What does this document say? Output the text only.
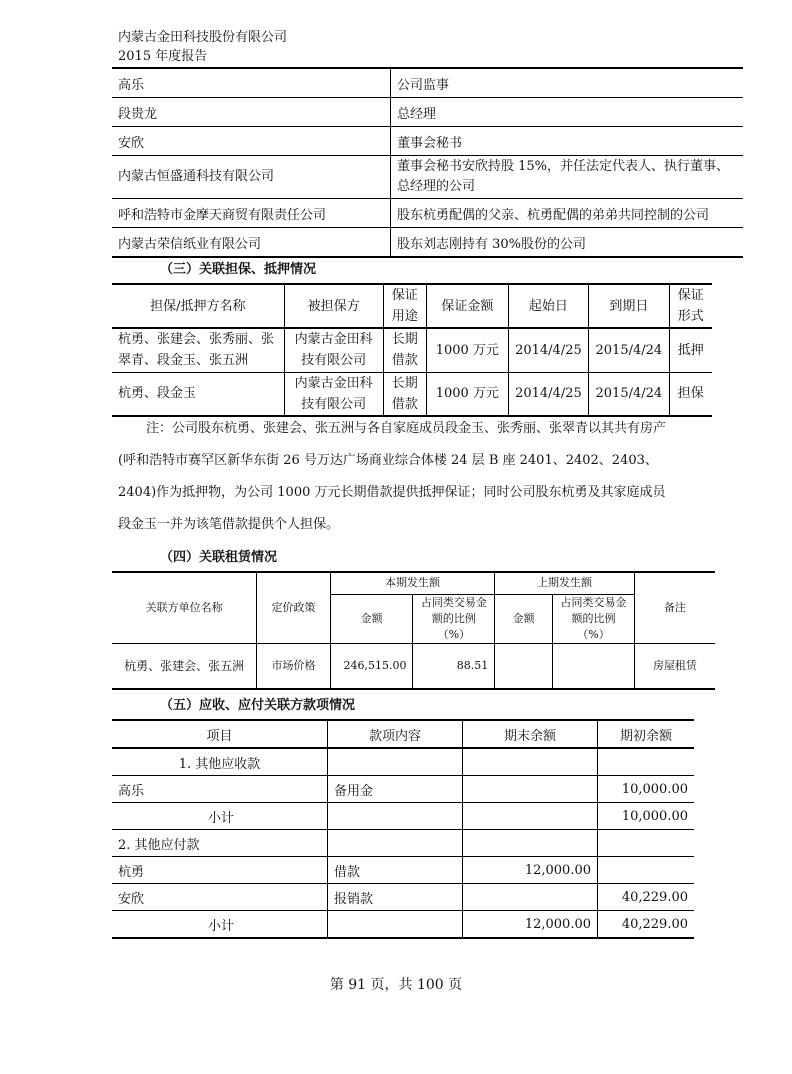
内蒙古金田科技股份有限公司
2015 年度报告
高乐	公司监事
段贵龙	总经理
安欣	董事会秘书
内蒙古恒盛通科技有限公司	董事会秘书安欣持股 15%，并任法定代表人、执行董事、总经理的公司
呼和浩特市金摩天商贸有限责任公司	股东杭勇配偶的父亲、杭勇配偶的弟弟共同控制的公司
内蒙古荣信纸业有限公司	股东刘志刚持有 30%股份的公司
（三）关联担保、抵押情况
担保/抵押方名称	被担保方	保证用途	保证金额	起始日	到期日	保证形式
杭勇、张建会、张秀丽、张翠青、段金玉、张五洲	内蒙古金田科技有限公司	长期借款	1000 万元	2014/4/25	2015/4/24	抵押
杭勇、段金玉	内蒙古金田科技有限公司	长期借款	1000 万元	2014/4/25	2015/4/24	担保
注：公司股东杭勇、张建会、张五洲与各自家庭成员段金玉、张秀丽、张翠青以其共有房产(呼和浩特市赛罕区新华东街 26 号万达广场商业综合体楼 24 层 B 座 2401、2402、2403、2404)作为抵押物，为公司 1000 万元长期借款提供抵押保证；同时公司股东杭勇及其家庭成员段金玉一并为该笔借款提供个人担保。
（四）关联租赁情况
关联方单位名称	定价政策	本期发生额		上期发生额		备注
		金额	占同类交易金额的比例（%）	金额	占同类交易金额的比例（%）	
杭勇、张建会、张五洲	市场价格	246,515.00	88.51			房屋租赁
（五）应收、应付关联方款项情况
项目	款项内容	期末余额	期初余额
1. 其他应收款			
高乐	备用金		10,000.00
小计			10,000.00
2. 其他应付款			
杭勇	借款	12,000.00	
安欣	报销款		40,229.00
小计		12,000.00	40,229.00
第 91 页，共 100 页
